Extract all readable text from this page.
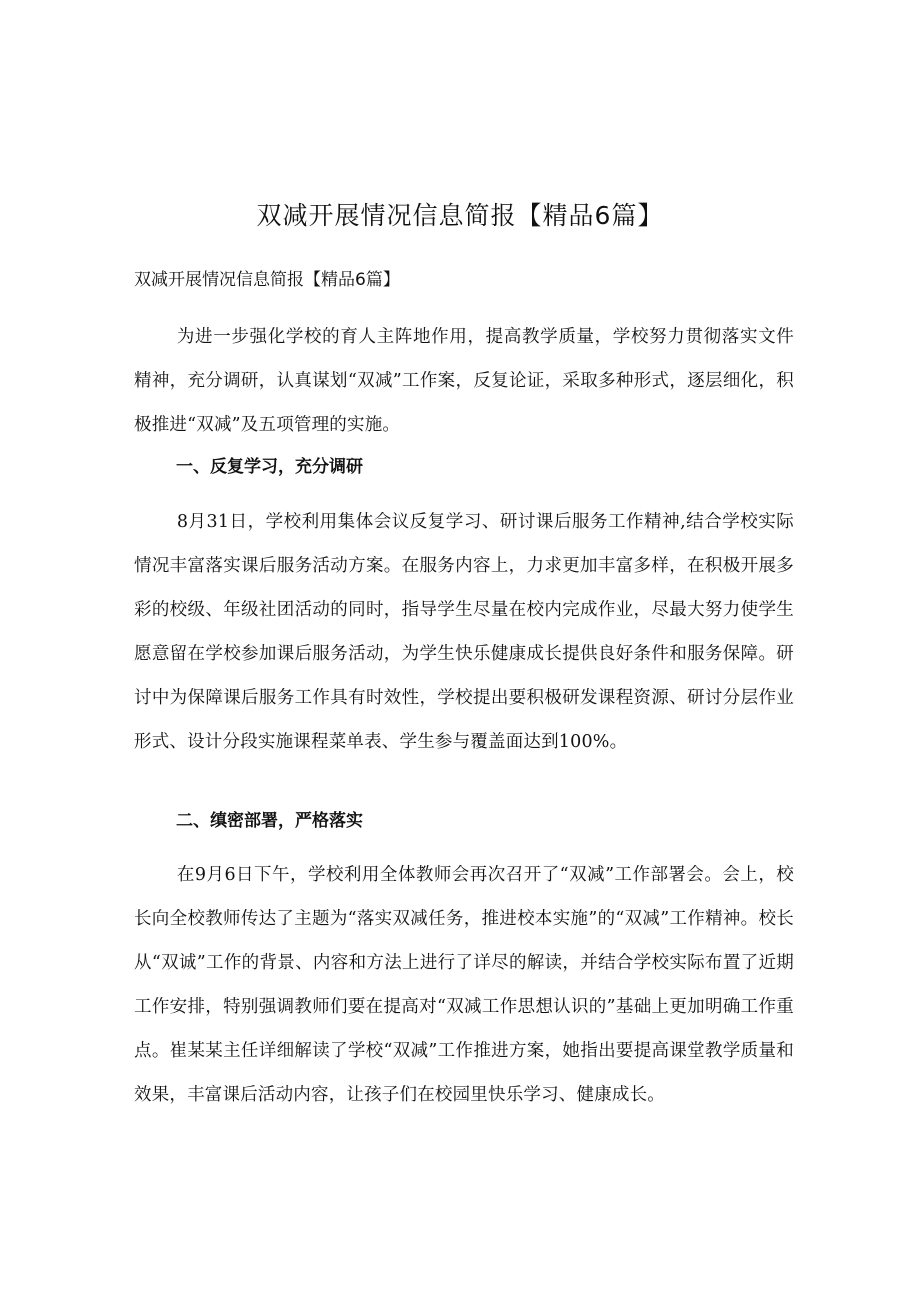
双减开展情况信息简报【精品6篇】
双减开展情况信息简报【精品6篇】

为进一步强化学校的育人主阵地作用，提高教学质量，学校努力贯彻落实文件精神，充分调研，认真谋划“双减”工作案，反复论证，采取多种形式，逐层细化，积极推进“双减”及五项管理的实施。

一、反复学习，充分调研

8月31日，学校利用集体会议反复学习、研讨课后服务工作精神,结合学校实际情况丰富落实课后服务活动方案。在服务内容上，力求更加丰富多样，在积极开展多彩的校级、年级社团活动的同时，指导学生尽量在校内完成作业，尽最大努力使学生愿意留在学校参加课后服务活动，为学生快乐健康成长提供良好条件和服务保障。研讨中为保障课后服务工作具有时效性，学校提出要积极研发课程资源、研讨分层作业形式、设计分段实施课程菜单表、学生参与覆盖面达到100%。

二、缜密部署，严格落实

在9月6日下午，学校利用全体教师会再次召开了“双减”工作部署会。会上，校长向全校教师传达了主题为“落实双减任务，推进校本实施”的“双减”工作精神。校长从“双诚”工作的背景、内容和方法上进行了详尽的解读，并结合学校实际布置了近期工作安排，特别强调教师们要在提高对“双减工作思想认识的”基础上更加明确工作重点。崔某某主任详细解读了学校“双减”工作推进方案，她指出要提高课堂教学质量和效果，丰富课后活动内容，让孩子们在校园里快乐学习、健康成长。
